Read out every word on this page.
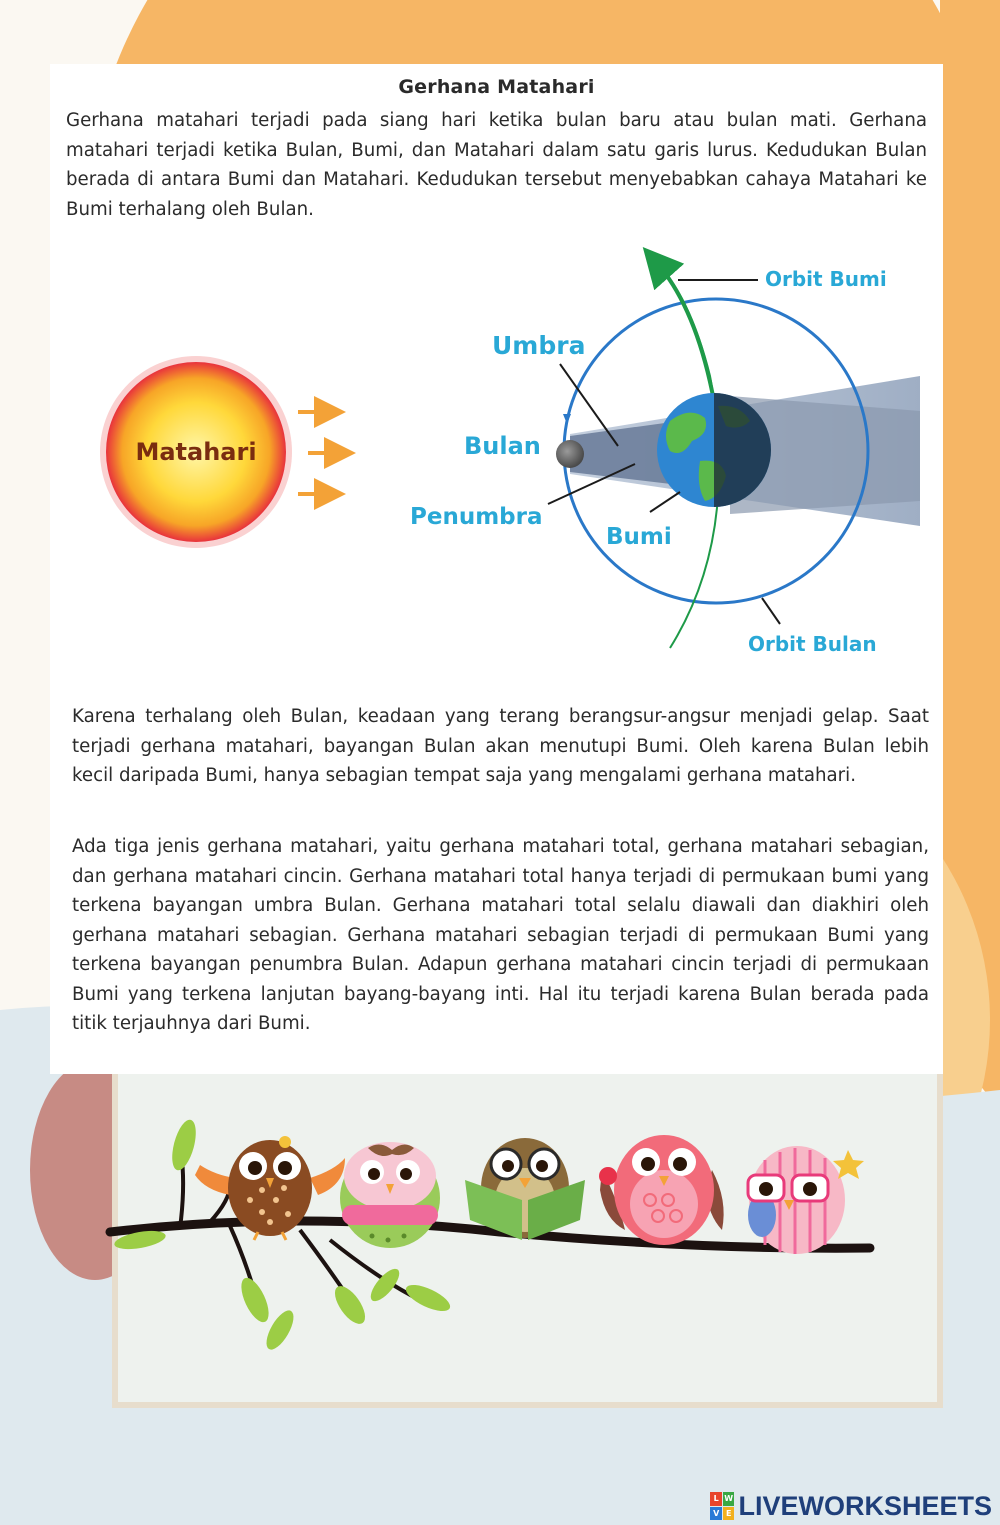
Gerhana Matahari

Gerhana matahari terjadi pada siang hari ketika bulan baru atau bulan mati. Gerhana matahari terjadi ketika Bulan, Bumi, dan Matahari dalam satu garis lurus. Kedudukan Bulan berada di antara Bumi dan Matahari. Kedudukan tersebut menyebabkan cahaya Matahari ke Bumi terhalang oleh Bulan.

Matahari
Orbit Bumi
Umbra
Bulan
Penumbra
Bumi
Orbit Bulan

Karena terhalang oleh Bulan, keadaan yang terang berangsur-angsur menjadi gelap. Saat terjadi gerhana matahari, bayangan Bulan akan menutupi Bumi. Oleh karena Bulan lebih kecil daripada Bumi, hanya sebagian tempat saja yang mengalami gerhana matahari.

Ada tiga jenis gerhana matahari, yaitu gerhana matahari total, gerhana matahari sebagian, dan gerhana matahari cincin. Gerhana matahari total hanya terjadi di permukaan bumi yang terkena bayangan umbra Bulan. Gerhana matahari total selalu diawali dan diakhiri oleh gerhana matahari sebagian. Gerhana matahari sebagian terjadi di permukaan Bumi yang terkena bayangan penumbra Bulan. Adapun gerhana matahari cincin terjadi di permukaan Bumi yang terkena lanjutan bayang-bayang inti. Hal itu terjadi karena Bulan berada pada titik terjauhnya dari Bumi.

L W
V E LIVEWORKSHEETS
